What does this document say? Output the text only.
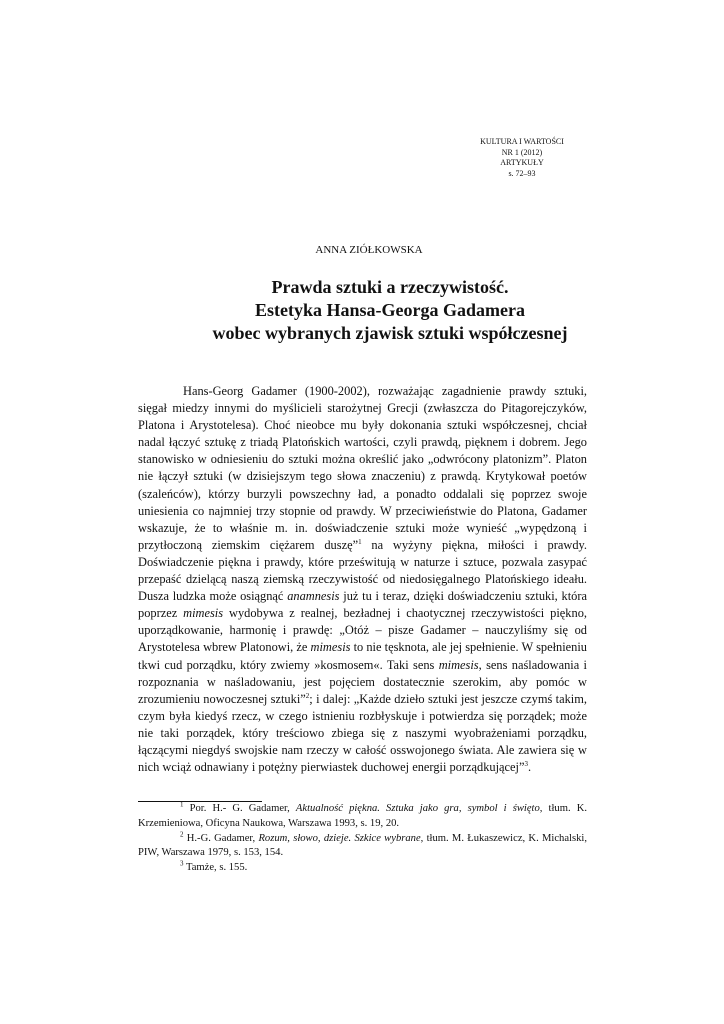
KULTURA I WARTOŚCI
NR 1 (2012)
ARTYKUŁY
s. 72–93
ANNA ZIÓŁKOWSKA
Prawda sztuki a rzeczywistość.
Estetyka Hansa-Georga Gadamera
wobec wybranych zjawisk sztuki współczesnej
Hans-Georg Gadamer (1900-2002), rozważając zagadnienie prawdy sztuki, sięgał miedzy innymi do myślicieli starożytnej Grecji (zwłaszcza do Pitagorejczyków, Platona i Arystotelesa). Choć nieobce mu były dokonania sztuki współczesnej, chciał nadal łączyć sztukę z triadą Platońskich wartości, czyli prawdą, pięknem i dobrem. Jego stanowisko w odniesieniu do sztuki można określić jako „odwrócony platonizm”. Platon nie łączył sztuki (w dzisiejszym tego słowa znaczeniu) z prawdą. Krytykował poetów (szaleńców), którzy burzyli powszechny ład, a ponadto oddalali się poprzez swoje uniesienia co najmniej trzy stopnie od prawdy. W przeciwieństwie do Platona, Gadamer wskazuje, że to właśnie m. in. doświadczenie sztuki może wynieść „wypędzoną i przytłoczoną ziemskim ciężarem duszę”$^1$ na wyżyny piękna, miłości i prawdy. Doświadczenie piękna i prawdy, które prześwitują w naturze i sztuce, pozwala zasypać przepaść dzielącą naszą ziemską rzeczywistość od niedosięgalnego Platońskiego ideału. Dusza ludzka może osiągnąć anamnesis już tu i teraz, dzięki doświadczeniu sztuki, która poprzez mimesis wydobywa z realnej, bezładnej i chaotycznej rzeczywistości piękno, uporządkowanie, harmonię i prawdę: „Otóż – pisze Gadamer – nauczyliśmy się od Arystotelesa wbrew Platonowi, że mimesis to nie tęsknota, ale jej spełnienie. W spełnieniu tkwi cud porządku, który zwiemy »kosmosem«. Taki sens mimesis, sens naśladowania i rozpoznania w naśladowaniu, jest pojęciem dostatecznie szerokim, aby pomóc w zrozumieniu nowoczesnej sztuki”$^2$; i dalej: „Każde dzieło sztuki jest jeszcze czymś takim, czym była kiedyś rzecz, w czego istnieniu rozbłyskuje i potwierdza się porządek; może nie taki porządek, który treściowo zbiega się z naszymi wyobrażeniami porządku, łączącymi niegdyś swojskie nam rzeczy w całość osswojonego świata. Ale zawiera się w nich wciąż odnawiany i potężny pierwiastek duchowej energii porządkującej”$^3$.
$^1$ Por. H.- G. Gadamer, Aktualność piękna. Sztuka jako gra, symbol i święto, tłum. K. Krzemieniowa, Oficyna Naukowa, Warszawa 1993, s. 19, 20.
$^2$ H.-G. Gadamer, Rozum, słowo, dzieje. Szkice wybrane, tłum. M. Łukaszewicz, K. Michalski, PIW, Warszawa 1979, s. 153, 154.
$^3$ Tamże, s. 155.
